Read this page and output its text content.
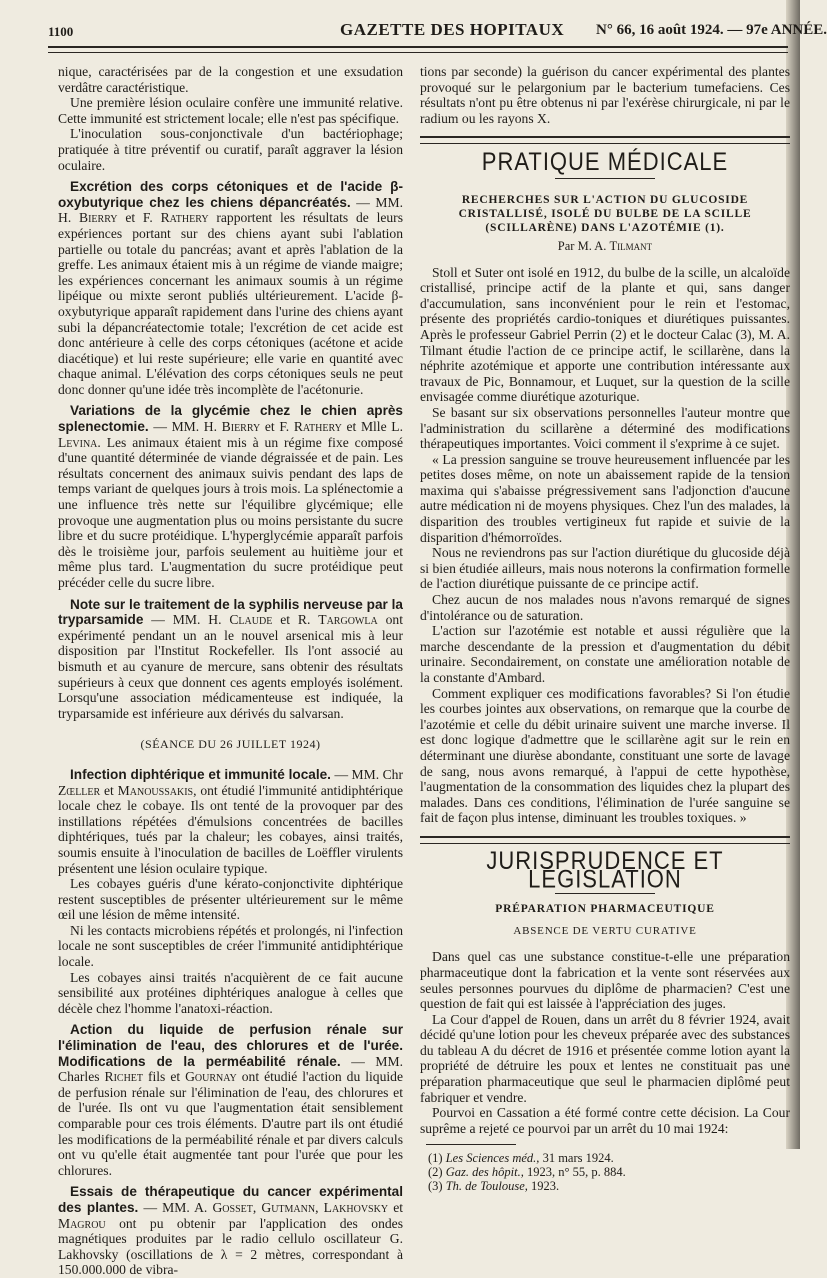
1100	GAZETTE DES HOPITAUX N° 66, 16 août 1924. — 97e ANNÉE.

nique, caractérisées par de la congestion et une exsudation verdâtre caractéristique.

Une première lésion oculaire confère une immunité relative. Cette immunité est strictement locale; elle n'est pas spécifique.

L'inoculation sous-conjonctivale d'un bactériophage; pratiquée à titre préventif ou curatif, paraît aggraver la lésion oculaire.

Excrétion des corps cétoniques et de l'acide β-oxybutyrique chez les chiens dépancréatés. — MM. H. Bierry et F. Rathery rapportent les résultats de leurs expériences portant sur des chiens ayant subi l'ablation partielle ou totale du pancréas; avant et après l'ablation de la greffe. Les animaux étaient mis à un régime de viande maigre; les expériences concernant les animaux soumis à un régime lipéique ou mixte seront publiés ultérieurement. L'acide β-oxybutyrique apparaît rapidement dans l'urine des chiens ayant subi la dépancréatectomie totale; l'excrétion de cet acide est donc antérieure à celle des corps cétoniques (acétone et acide diacétique) et lui reste supérieure; elle varie en quantité avec chaque animal. L'élévation des corps cétoniques seuls ne peut donc donner qu'une idée très incomplète de l'acétonurie.

Variations de la glycémie chez le chien après splenectomie. — MM. H. Bierry et F. Rathery et Mlle L. Levina. Les animaux étaient mis à un régime fixe composé d'une quantité déterminée de viande dégraissée et de pain. Les résultats concernent des animaux suivis pendant des laps de temps variant de quelques jours à trois mois. La splénectomie a une influence très nette sur l'équilibre glycémique; elle provoque une augmentation plus ou moins persistante du sucre libre et du sucre protéidique. L'hyperglycémie apparaît parfois dès le troisième jour, parfois seulement au huitième jour et même plus tard. L'augmentation du sucre protéidique peut précéder celle du sucre libre.

Note sur le traitement de la syphilis nerveuse par la tryparsamide — MM. H. Claude et R. Targowla ont expérimenté pendant un an le nouvel arsenical mis à leur disposition par l'Institut Rockefeller. Ils l'ont associé au bismuth et au cyanure de mercure, sans obtenir des résultats supérieurs à ceux que donnent ces agents employés isolément. Lorsqu'une association médicamenteuse est indiquée, la tryparsamide est inférieure aux dérivés du salvarsan.

(SÉANCE DU 26 JUILLET 1924)

Infection diphtérique et immunité locale. — MM. Chr Zœller et Manoussakis, ont étudié l'immunité antidiphtérique locale chez le cobaye. Ils ont tenté de la provoquer par des instillations répétées d'émulsions concentrées de bacilles diphtériques, tués par la chaleur; les cobayes, ainsi traités, soumis ensuite à l'inoculation de bacilles de Loëffler virulents présentent une lésion oculaire typique.

Les cobayes guéris d'une kérato-conjonctivite diphtérique restent susceptibles de présenter ultérieurement sur le même œil une lésion de même intensité.

Ni les contacts microbiens répétés et prolongés, ni l'infection locale ne sont susceptibles de créer l'immunité antidiphtérique locale.

Les cobayes ainsi traités n'acquièrent de ce fait aucune sensibilité aux protéines diphtériques analogue à celles que décèle chez l'homme l'anatoxi-réaction.

Action du liquide de perfusion rénale sur l'élimination de l'eau, des chlorures et de l'urée. Modifications de la perméabilité rénale. — MM. Charles Richet fils et Gournay ont étudié l'action du liquide de perfusion rénale sur l'élimination de l'eau, des chlorures et de l'urée. Ils ont vu que l'augmentation était sensiblement comparable pour ces trois éléments. D'autre part ils ont étudié les modifications de la perméabilité rénale et par divers calculs ont vu qu'elle était augmentée tant pour l'urée que pour les chlorures.

Essais de thérapeutique du cancer expérimental des plantes. — MM. A. Gosset, Gutmann, Lakhovsky et Magrou ont pu obtenir par l'application des ondes magnétiques produites par le radio cellulo oscillateur G. Lakhovsky (oscillations de λ = 2 mètres, correspondant à 150.000.000 de vibra-

tions par seconde) la guérison du cancer expérimental des plantes provoqué sur le pelargonium par le bacterium tumefaciens. Ces résultats n'ont pu être obtenus ni par l'exérèse chirurgicale, ni par le radium ou les rayons X.

PRATIQUE MÉDICALE
RECHERCHES SUR L'ACTION DU GLUCOSIDE CRISTALLISÉ, ISOLÉ DU BULBE DE LA SCILLE (SCILLARÈNE) DANS L'AZOTÉMIE (1).
Par M. A. Tilmant

Stoll et Suter ont isolé en 1912, du bulbe de la scille, un alcaloïde cristallisé, principe actif de la plante et qui, sans danger d'accumulation, sans inconvénient pour le rein et l'estomac, présente des propriétés cardio-toniques et diurétiques puissantes. Après le professeur Gabriel Perrin (2) et le docteur Calac (3), M. A. Tilmant étudie l'action de ce principe actif, le scillarène, dans la néphrite azotémique et apporte une contribution intéressante aux travaux de Pic, Bonnamour, et Luquet, sur la question de la scille envisagée comme diurétique azoturique.

Se basant sur six observations personnelles l'auteur montre que l'administration du scillarène a déterminé des modifications thérapeutiques importantes. Voici comment il s'exprime à ce sujet.

« La pression sanguine se trouve heureusement influencée par les petites doses même, on note un abaissement rapide de la tension maxima qui s'abaisse prégressivement sans l'adjonction d'aucune autre médication ni de moyens physiques. Chez l'un des malades, la disparition des troubles vertigineux fut rapide et suivie de la disparition d'hémorroïdes.

Nous ne reviendrons pas sur l'action diurétique du glucoside déjà si bien étudiée ailleurs, mais nous noterons la confirmation formelle de l'action diurétique puissante de ce principe actif.

Chez aucun de nos malades nous n'avons remarqué de signes d'intolérance ou de saturation.

L'action sur l'azotémie est notable et aussi régulière que la marche descendante de la pression et d'augmentation du débit urinaire. Secondairement, on constate une amélioration notable de la constante d'Ambard.

Comment expliquer ces modifications favorables? Si l'on étudie les courbes jointes aux observations, on remarque que la courbe de l'azotémie et celle du débit urinaire suivent une marche inverse. Il est donc logique d'admettre que le scillarène agit sur le rein en déterminant une diurèse abondante, constituant une sorte de lavage de sang, nous avons remarqué, à l'appui de cette hypothèse, l'augmentation de la consommation des liquides chez la plupart des malades. Dans ces conditions, l'élimination de l'urée sanguine se fait de façon plus intense, diminuant les troubles toxiques. »

JURISPRUDENCE ET LÉGISLATION
PRÉPARATION PHARMACEUTIQUE
ABSENCE DE VERTU CURATIVE

Dans quel cas une substance constitue-t-elle une préparation pharmaceutique dont la fabrication et la vente sont réservées aux seules personnes pourvues du diplôme de pharmacien? C'est une question de fait qui est laissée à l'appréciation des juges.

La Cour d'appel de Rouen, dans un arrêt du 8 février 1924, avait décidé qu'une lotion pour les cheveux préparée avec des substances du tableau A du décret de 1916 et présentée comme lotion ayant la propriété de détruire les poux et lentes ne constituait pas une préparation pharmaceutique que seul le pharmacien diplômé peut fabriquer et vendre.

Pourvoi en Cassation a été formé contre cette décision. La Cour suprême a rejeté ce pourvoi par un arrêt du 10 mai 1924:

(1) Les Sciences méd., 31 mars 1924.
(2) Gaz. des hôpit., 1923, n° 55, p. 884.
(3) Th. de Toulouse, 1923.
